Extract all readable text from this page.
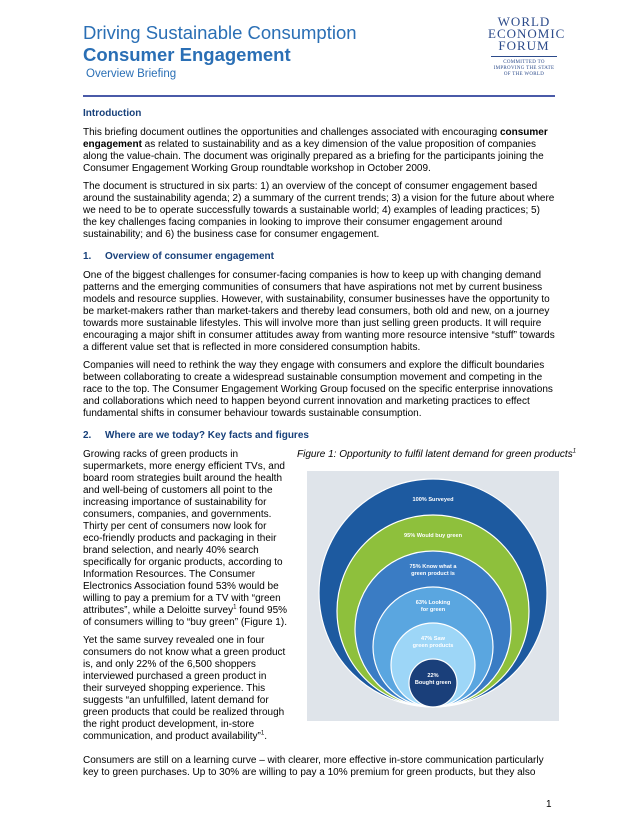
Driving Sustainable Consumption
Consumer Engagement
Overview Briefing
WORLD
ECONOMIC
FORUM
COMMITTED TO
IMPROVING THE STATE
OF THE WORLD
Introduction

This briefing document outlines the opportunities and challenges associated with encouraging consumer engagement as related to sustainability and as a key dimension of the value proposition of companies along the value-chain. The document was originally prepared as a briefing for the participants joining the Consumer Engagement Working Group roundtable workshop in October 2009.

The document is structured in six parts: 1) an overview of the concept of consumer engagement based around the sustainability agenda; 2) a summary of the current trends; 3) a vision for the future about where we need to be to operate successfully towards a sustainable world; 4) examples of leading practices; 5) the key challenges facing companies in looking to improve their consumer engagement around sustainability; and 6) the business case for consumer engagement.

1. Overview of consumer engagement

One of the biggest challenges for consumer-facing companies is how to keep up with changing demand patterns and the emerging communities of consumers that have aspirations not met by current business models and resource supplies. However, with sustainability, consumer businesses have the opportunity to be market-makers rather than market-takers and thereby lead consumers, both old and new, on a journey towards more sustainable lifestyles. This will involve more than just selling green products. It will require encouraging a major shift in consumer attitudes away from wanting more resource intensive “stuff” towards a different value set that is reflected in more considered consumption habits.

Companies will need to rethink the way they engage with consumers and explore the difficult boundaries between collaborating to create a widespread sustainable consumption movement and competing in the race to the top. The Consumer Engagement Working Group focused on the specific enterprise innovations and collaborations which need to happen beyond current innovation and marketing practices to effect fundamental shifts in consumer behaviour towards sustainable consumption.

2. Where are we today? Key facts and figures

Growing racks of green products in supermarkets, more energy efficient TVs, and board room strategies built around the health and well-being of customers all point to the increasing importance of sustainability for consumers, companies, and governments. Thirty per cent of consumers now look for eco-friendly products and packaging in their brand selection, and nearly 40% search specifically for organic products, according to Information Resources. The Consumer Electronics Association found 53% would be willing to pay a premium for a TV with “green attributes”, while a Deloitte survey$^1$ found 95% of consumers willing to “buy green” (Figure 1).

Yet the same survey revealed one in four consumers do not know what a green product is, and only 22% of the 6,500 shoppers interviewed purchased a green product in their surveyed shopping experience. This suggests “an unfulfilled, latent demand for green products that could be realized through the right product development, in-store communication, and product availability”$^1$.

Figure 1: Opportunity to fulfil latent demand for green products$^1$
100% Surveyed
95% Would buy green
75% Know what a
green product is
63% Looking
for green
47% Saw
green products
22%
Bought green

Consumers are still on a learning curve – with clearer, more effective in-store communication particularly key to green purchases. Up to 30% are willing to pay a 10% premium for green products, but they also

1
